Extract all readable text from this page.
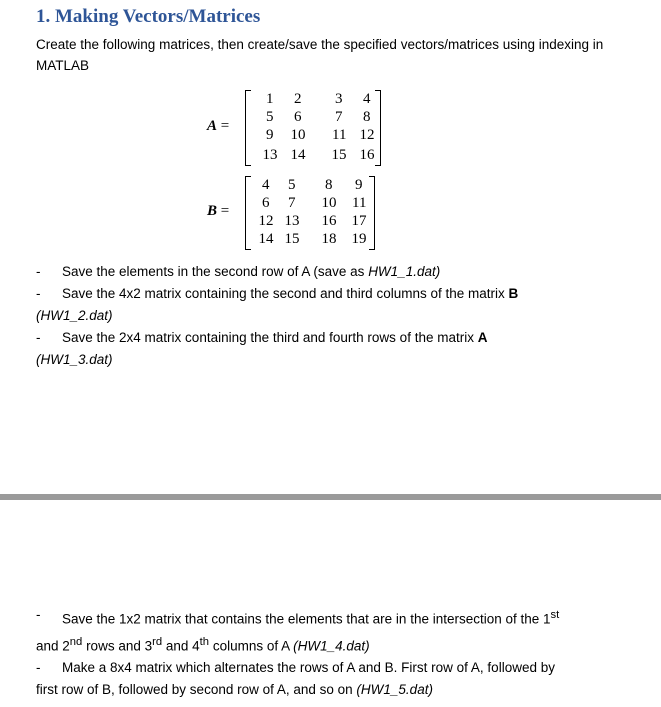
1. Making Vectors/Matrices
Create the following matrices, then create/save the specified vectors/matrices using indexing in MATLAB
A =
1 2 3 4
5 6 7 8
9 10 11 12
13 14 15 16
B =
4 5 8 9
6 7 10 11
12 13 16 17
14 15 18 19
- Save the elements in the second row of A (save as HW1_1.dat)
- Save the 4x2 matrix containing the second and third columns of the matrix B
(HW1_2.dat)
- Save the 2x4 matrix containing the third and fourth rows of the matrix A
(HW1_3.dat)
- Save the 1x2 matrix that contains the elements that are in the intersection of the 1st
and 2nd rows and 3rd and 4th columns of A (HW1_4.dat)
- Make a 8x4 matrix which alternates the rows of A and B. First row of A, followed by
first row of B, followed by second row of A, and so on (HW1_5.dat)
